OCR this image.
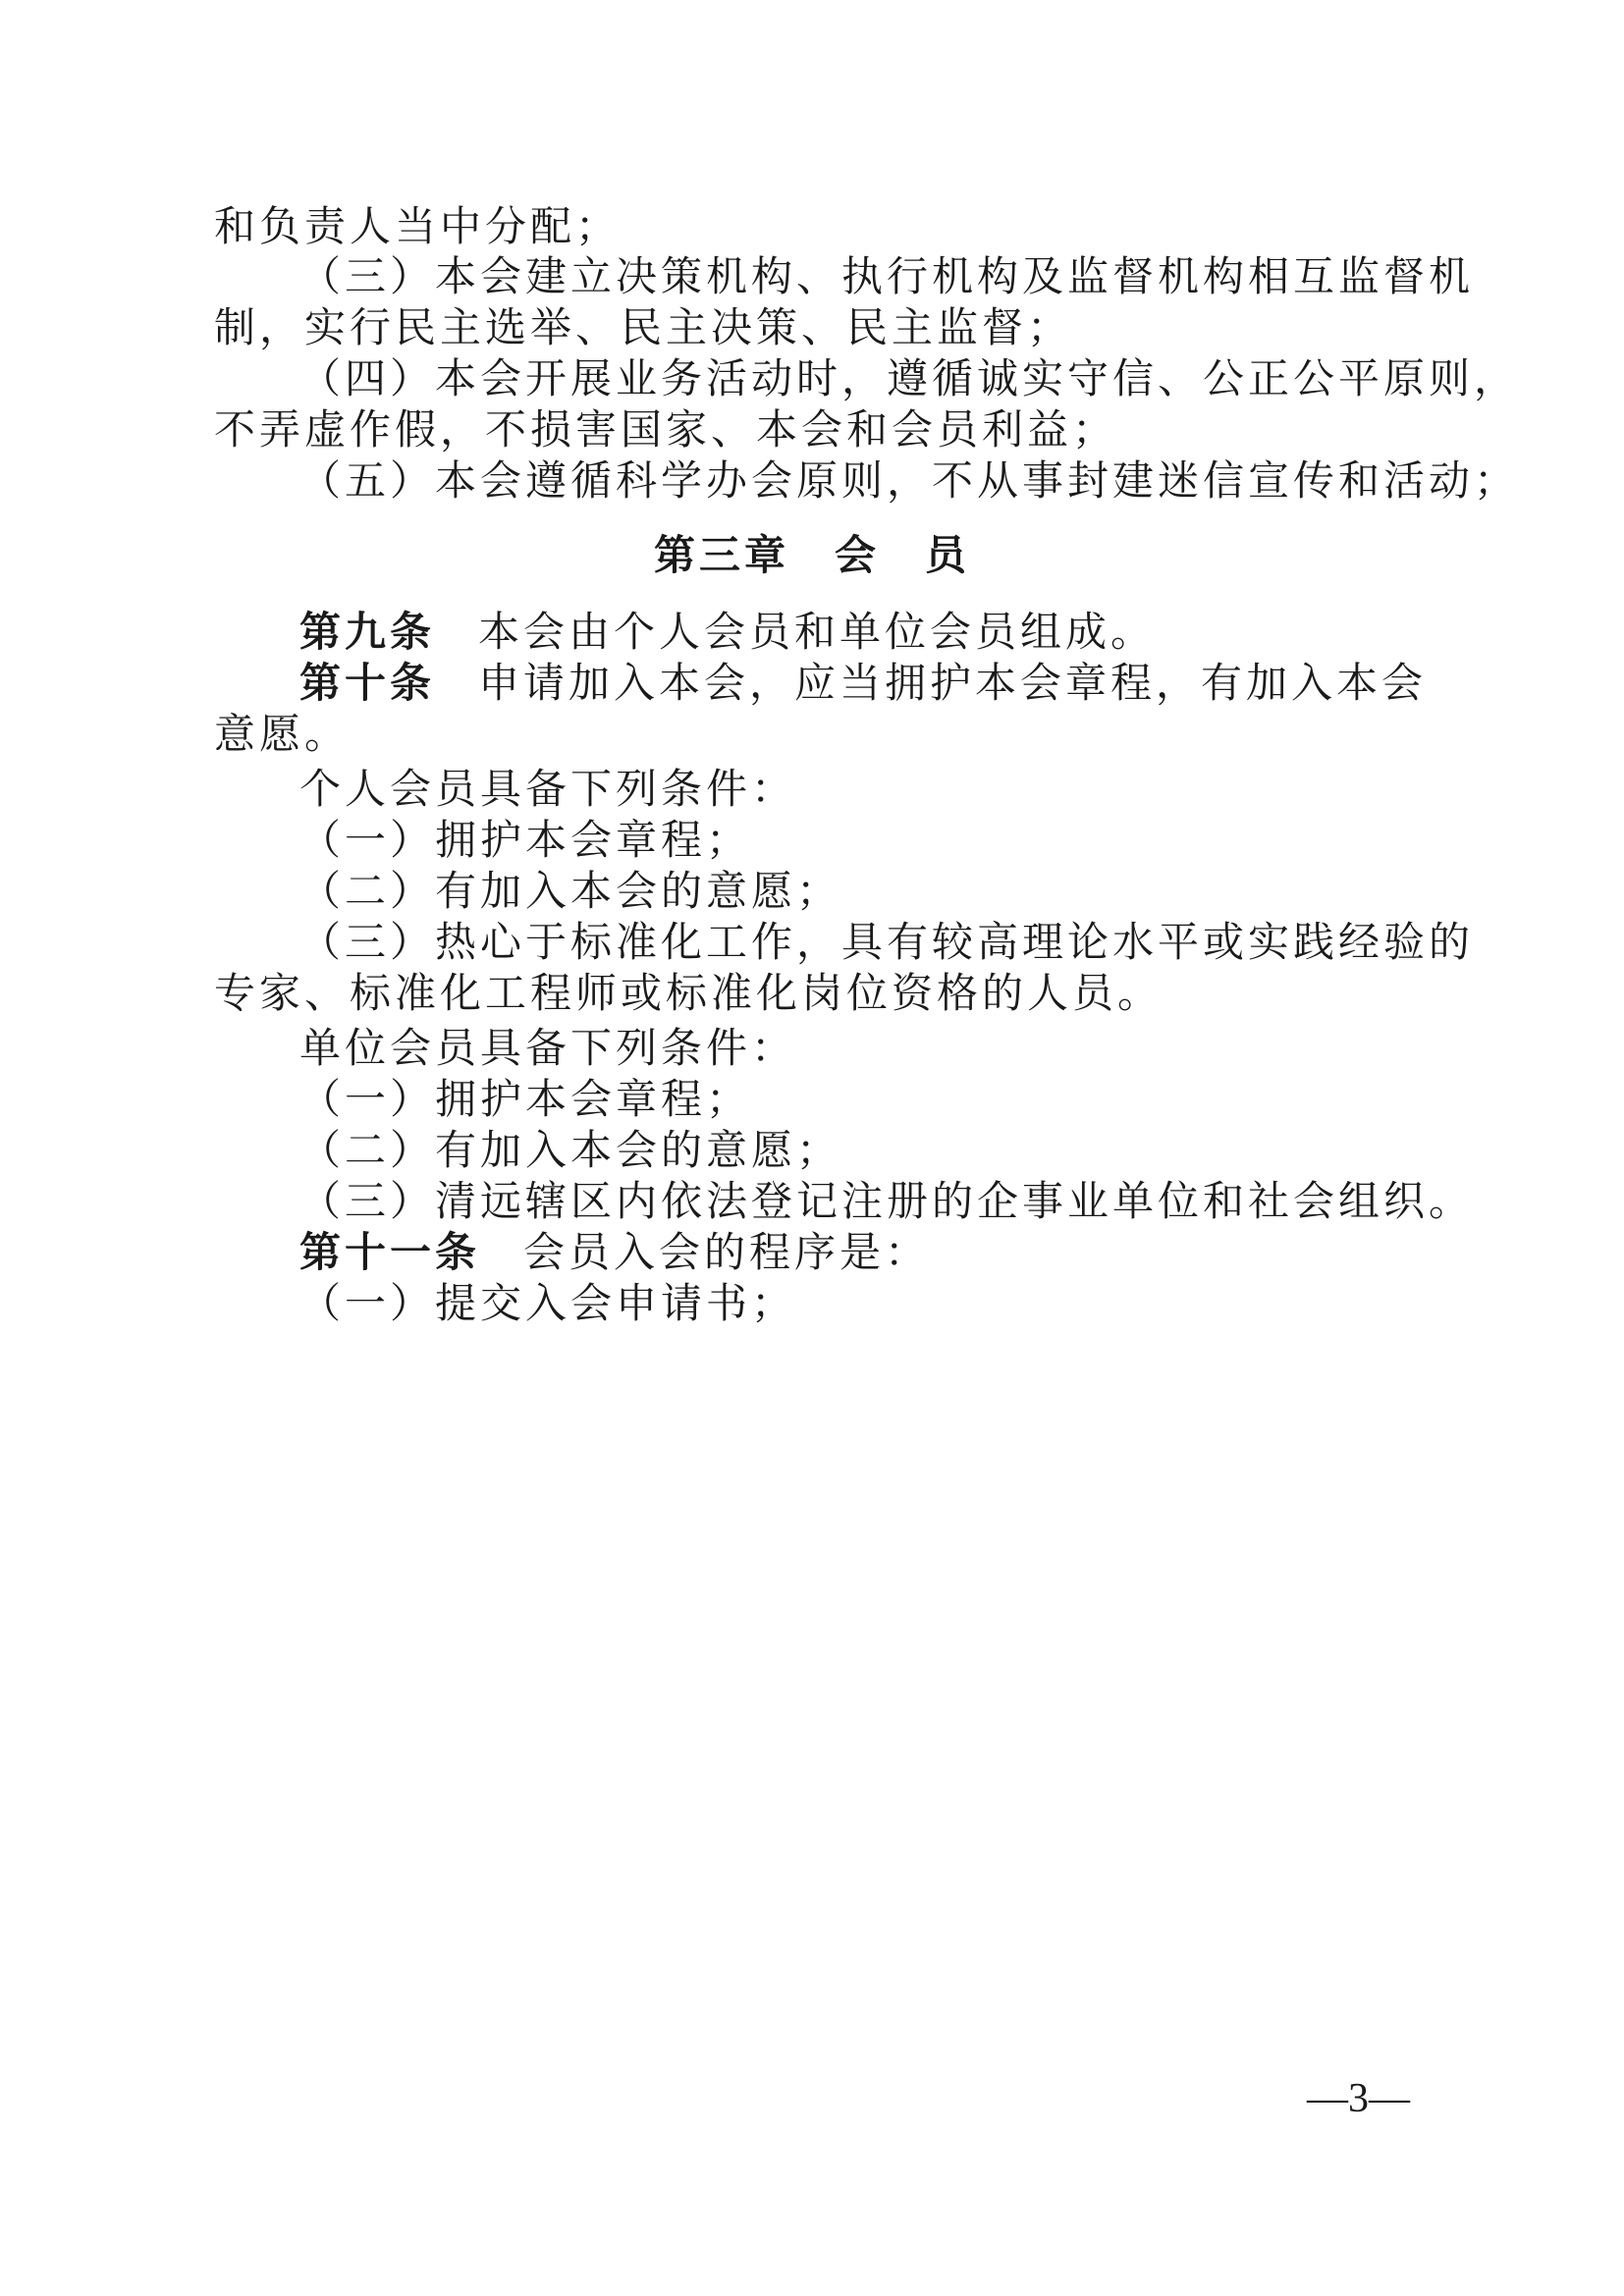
和负责人当中分配；
（三）本会建立决策机构、执行机构及监督机构相互监督机
制，实行民主选举、民主决策、民主监督；
（四）本会开展业务活动时，遵循诚实守信、公正公平原则，
不弄虚作假，不损害国家、本会和会员利益；
（五）本会遵循科学办会原则，不从事封建迷信宣传和活动；
第三章　会　员
第九条 本会由个人会员和单位会员组成。
第十条 申请加入本会，应当拥护本会章程，有加入本会
意愿。
个人会员具备下列条件：
（一）拥护本会章程；
（二）有加入本会的意愿；
（三）热心于标准化工作，具有较高理论水平或实践经验的
专家、标准化工程师或标准化岗位资格的人员。
单位会员具备下列条件：
（一）拥护本会章程；
（二）有加入本会的意愿；
（三）清远辖区内依法登记注册的企事业单位和社会组织。
第十一条 会员入会的程序是：
（一）提交入会申请书；
—3—
